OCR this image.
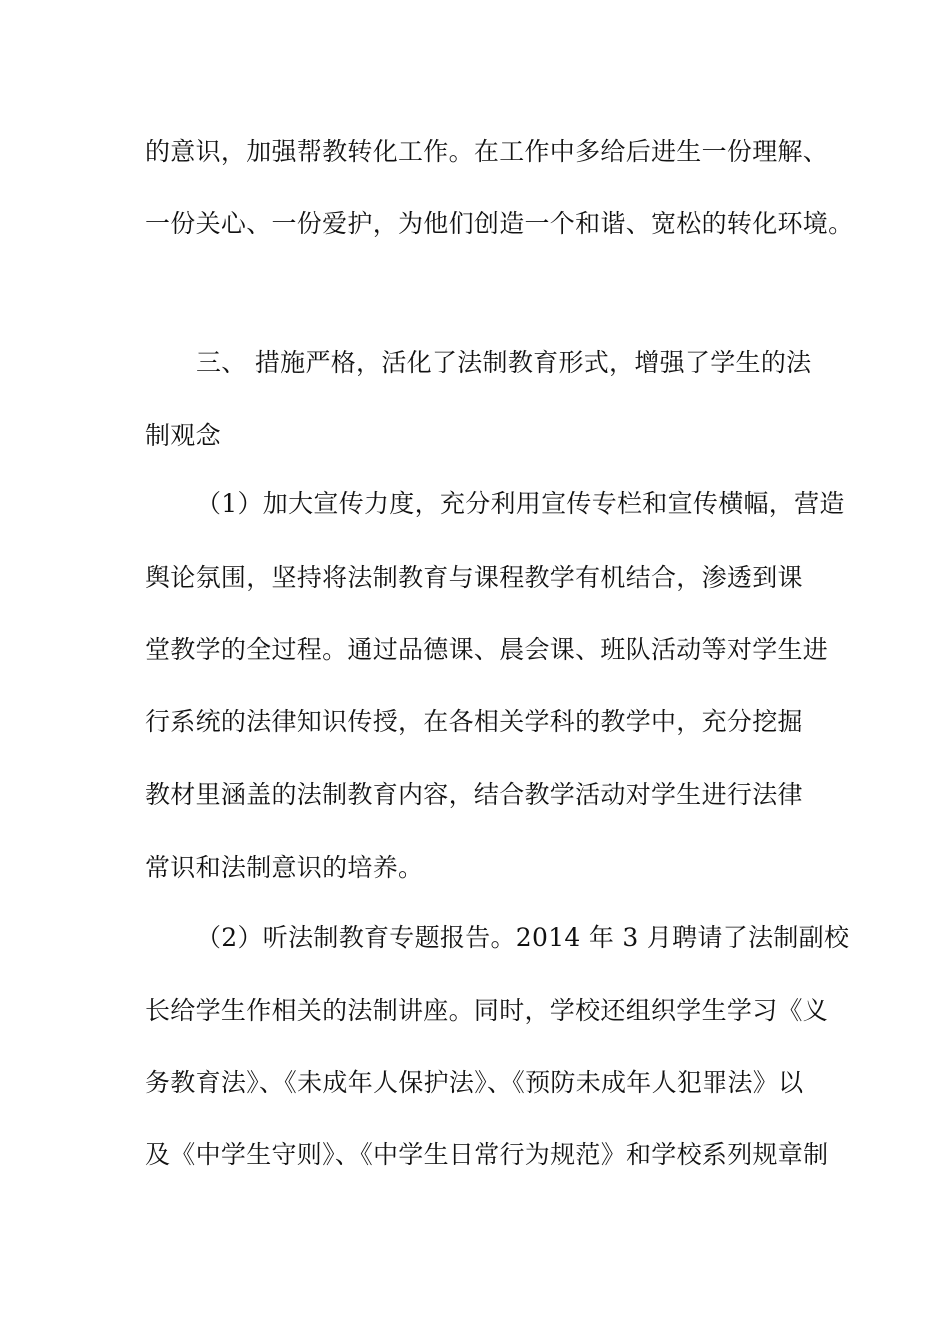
的意识，加强帮教转化工作。在工作中多给后进生一份理解、
一份关心、一份爱护，为他们创造一个和谐、宽松的转化环境。
三、 措施严格，活化了法制教育形式，增强了学生的法
制观念
（1）加大宣传力度，充分利用宣传专栏和宣传横幅，营造
舆论氛围，坚持将法制教育与课程教学有机结合，渗透到课
堂教学的全过程。通过品德课、晨会课、班队活动等对学生进
行系统的法律知识传授，在各相关学科的教学中，充分挖掘
教材里涵盖的法制教育内容，结合教学活动对学生进行法律
常识和法制意识的培养。
（2）听法制教育专题报告。2014 年 3 月聘请了法制副校
长给学生作相关的法制讲座。同时，学校还组织学生学习《义
务教育法》、《未成年人保护法》、《预防未成年人犯罪法》以
及《中学生守则》、《中学生日常行为规范》和学校系列规章制
